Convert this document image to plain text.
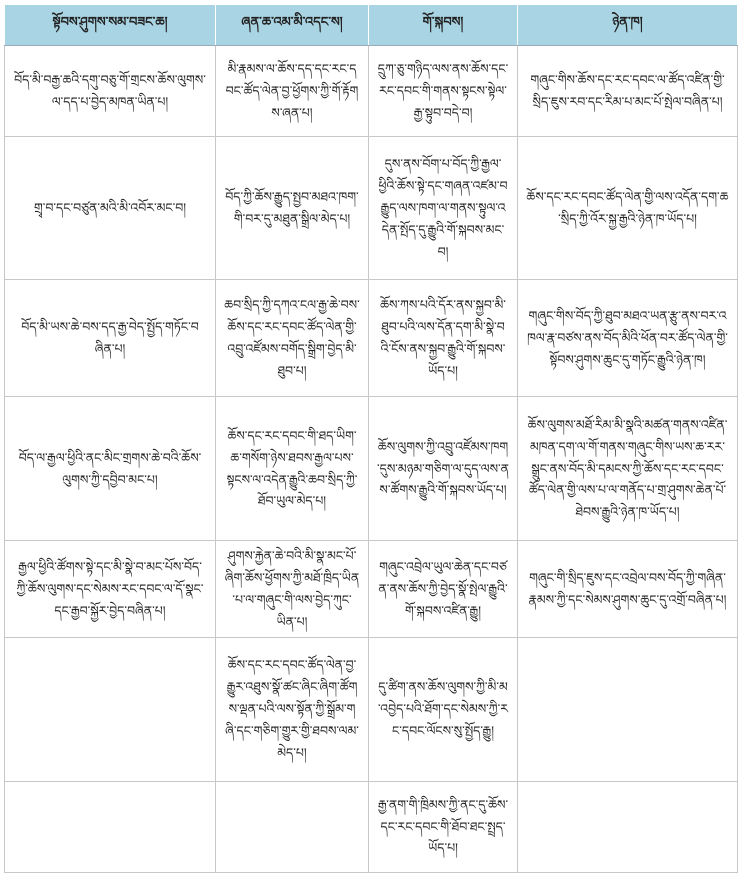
སྟོབས་ཤུགས་སམ་བཟང་ཆ།	ཞན་ཆ་འམ་མི་འདང་ས།	གོ་སྐབས།	ཉེན་ཁ།
བོད་མི་བརྒྱ་ཆའི་དགུ་བཅུ་གོ་གྲངས་ཆོས་ལུགས་ལ་དད་པ་བྱེད་མཁན་ཡིན་པ།	མི་རྣམས་ལ་ཆོས་དད་དང་རང་དབང་ཚོད་ལེན་བྱ་ཕྱོགས་ཀྱི་གོ་རྟོགས་ཞན་པ།	དྲུཀ་ཅུ་གཉིད་ལས་ནས་ཆོས་དང་རང་དབང་གི་གནས་སྟངས་སྟེལ་རྒྱ་སྟུབ་བདེ་བ།	གཞུང་གིས་ཆོས་དང་རང་དབང་ལ་ཚོད་འཛིན་གྱི་སྲིད་ཇུས་རབ་དང་རིམ་པ་མང་པོ་སྤེལ་བཞིན་པ།
གྲྭ་བ་དང་བཙུན་མའི་མི་འབོར་མང་བ།	བོད་ཀྱི་ཆོས་རྒྱུད་སྤྱབ་མཐའ་ཁག་གི་བར་དུ་མཐུན་སྒྲིལ་མེད་པ།	དུས་ནས་བོག་པ་བོད་ཀྱི་རྒྱལ་ཕྱིའི་ཆོས་སྟེ་དང་གཞན་འཛམ་བརྒྱུད་ལས་ཁག་ལ་གནས་སྟུལ་འདེན་སྤོད་དུ་རྒྱུའི་གོ་སྐབས་མང་བ།	ཆོས་དང་རང་དབང་ཚོད་ལེན་གྱི་ལས་འདོན་དག་ཆ་སྲིད་ཀྱི་འོར་སྐྱ་རྒྱའི་ཉེན་ཁ་ཡོད་པ།
བོད་མི་ཡས་ཆེ་བས་དད་རྒྱ་བེད་སྤྱོད་གཏོང་བཞིན་པ།	ཆབ་སྲིད་ཀྱི་དཀའ་ངལ་རྒྱ་ཆེ་བས་ཆོས་དང་རང་དབང་ཚོད་ལེན་གྱི་འབྲུ་འཛོམས་བགོད་སྒྲིག་བྱེད་མི་ཐུབ་པ།	ཆོས་ཀས་པའི་དོར་ནས་སྐྱབ་མི་ཐུབ་པའི་ལས་དོན་དག་མི་སྣེ་བའི་ངོས་ནས་སྐྱབ་རྒྱུའི་གོ་སྐབས་ཡོད་པ།	གཞུང་གིས་བོད་ཀྱི་ཐུབ་མཐའ་ཡན་རྩུ་ནས་བར་འཁལ་རྣ་བཙས་ནས་བོད་མིའི་ཕོན་བར་ཚོད་ལེན་གྱི་སྟོབས་ཤུགས་ཆུང་དུ་གཏོང་རྒྱུའི་ཉེན་ཁ།
བོད་ལ་རྒྱལ་ཕྱིའི་ནང་མིང་གྲགས་ཆེ་བའི་ཆོས་ལུགས་ཀྱི་དབྱིབ་མང་པ།	ཆོས་དང་རང་དབང་གི་ཐད་ཡིག་ཆ་གསོག་ཉེས་ཐབས་རྒྱལ་པས་སྟངས་ལ་འདེན་རྒྱུའི་ཆབ་སྲིད་ཀྱི་ཐོབ་ཡུལ་མེད་པ།	ཆོས་ལུགས་ཀྱི་འབྲུ་འཛོམས་ཁག་དུས་མཉམ་གཅིག་ལ་དུད་ལས་ནས་ཚོགས་རྒྱུའི་གོ་སྐབས་ཡོད་པ།	ཆོས་ལུགས་མཐོ་རིམ་མི་སྣའི་མཚན་གནས་འཛིན་མཁན་དག་ལ་གོ་གནས་གཞུང་གིས་ཡས་ཆ་རར་སྒྲུང་ནས་བོད་མི་དམངས་ཀྱི་ཆོས་དང་རང་དབང་ཚོད་ལེན་གྱི་ལས་པ་ལ་གནོད་པ་གྲ་ཤུགས་ཆེན་པོ་ཐེབས་རྒྱུའི་ཉེན་ཁ་ཡོད་པ།
རྒྱལ་ཕྱིའི་ཚོགས་སྟེ་དང་མི་སྣེ་བ་མང་པོས་བོད་ཀྱི་ཆོས་ལུགས་དང་སེམས་རང་དབང་ལ་དོ་སྣང་དང་རྒྱབ་སྐྱོར་བྱེད་བཞིན་པ།	ཤུགས་རྐྱེན་ཆེ་བའི་མི་སྣ་མང་པོ་ཞིག་ཆོས་ཕྱོགས་ཀྱི་མཐོ་ཁྲིད་ཡིན་པ་ལ་གཞུང་གི་ལས་བྱེད་ཀུང་ཡིན་པ།	གཞུང་འབྲེལ་ཡུལ་ཆེན་དང་བཙན་ནས་ཆོས་ཀྱི་བྱེད་སྣོ་སྤེལ་རྒྱུའི་གོ་སྐབས་འཛིན་རྒྱུ།	གཞུང་གི་སྲིད་ཇུས་དང་འབྲེལ་བས་བོད་ཀྱི་གཞིན་རྣམས་ཀྱི་དང་སེམས་ཤུགས་ཆུང་དུ་འགྲོ་བཞིན་པ།
	ཆོས་དང་རང་དབང་ཚོད་ལེན་བྱ་རྒྱུར་འཐུས་སྣོ་ཚང་ཞིང་ཞིག་ཚོགས་ལྡན་པའི་ལས་སྟོན་ཀྱི་སྒྲོམ་གཞི་དང་གཅིག་གྱུར་གྱི་ཐབས་ལམ་མེད་པ།	དུ་ཚིག་ནས་ཆོས་ལུགས་ཀྱི་མི་མ་འབྱེད་པའི་ཐོག་དང་སེམས་ཀྱི་རང་དབང་ལོངས་སུ་སྤྱོད་རྒྱུ།	
		རྒྱ་ནག་གི་ཁྲིམས་ཀྱི་ནང་དུ་ཆོས་དང་རང་དབང་གི་ཐོབ་ཐང་སྤྲད་ཡོད་པ།	
